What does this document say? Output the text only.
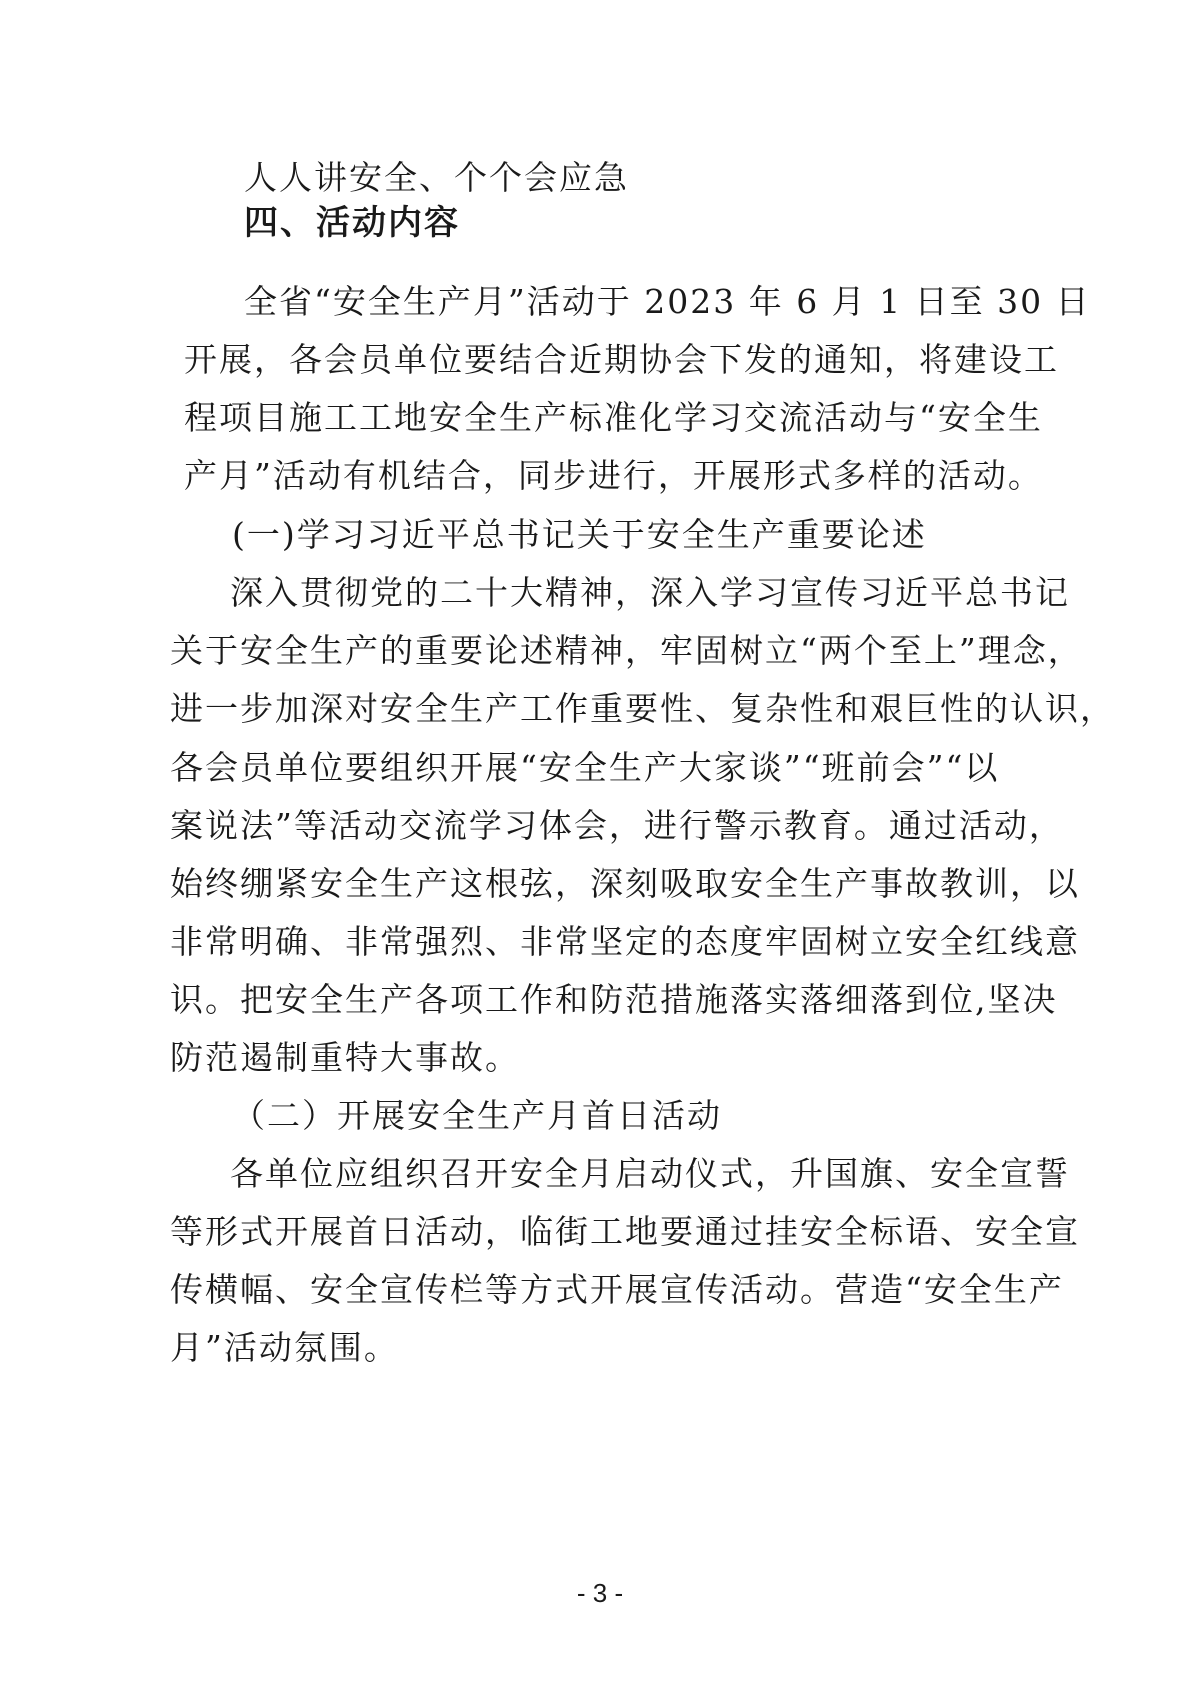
人人讲安全、个个会应急
四、活动内容
全省“安全生产月”活动于 2023 年 6 月 1 日至 30 日
开展，各会员单位要结合近期协会下发的通知，将建设工
程项目施工工地安全生产标准化学习交流活动与“安全生
产月”活动有机结合，同步进行，开展形式多样的活动。
(一)学习习近平总书记关于安全生产重要论述
深入贯彻党的二十大精神，深入学习宣传习近平总书记
关于安全生产的重要论述精神，牢固树立“两个至上”理念，
进一步加深对安全生产工作重要性、复杂性和艰巨性的认识，
各会员单位要组织开展“安全生产大家谈”“班前会”“以
案说法”等活动交流学习体会，进行警示教育。通过活动，
始终绷紧安全生产这根弦，深刻吸取安全生产事故教训，以
非常明确、非常强烈、非常坚定的态度牢固树立安全红线意
识。把安全生产各项工作和防范措施落实落细落到位,坚决
防范遏制重特大事故。
（二）开展安全生产月首日活动
各单位应组织召开安全月启动仪式，升国旗、安全宣誓
等形式开展首日活动，临街工地要通过挂安全标语、安全宣
传横幅、安全宣传栏等方式开展宣传活动。营造“安全生产
月”活动氛围。
- 3 -
